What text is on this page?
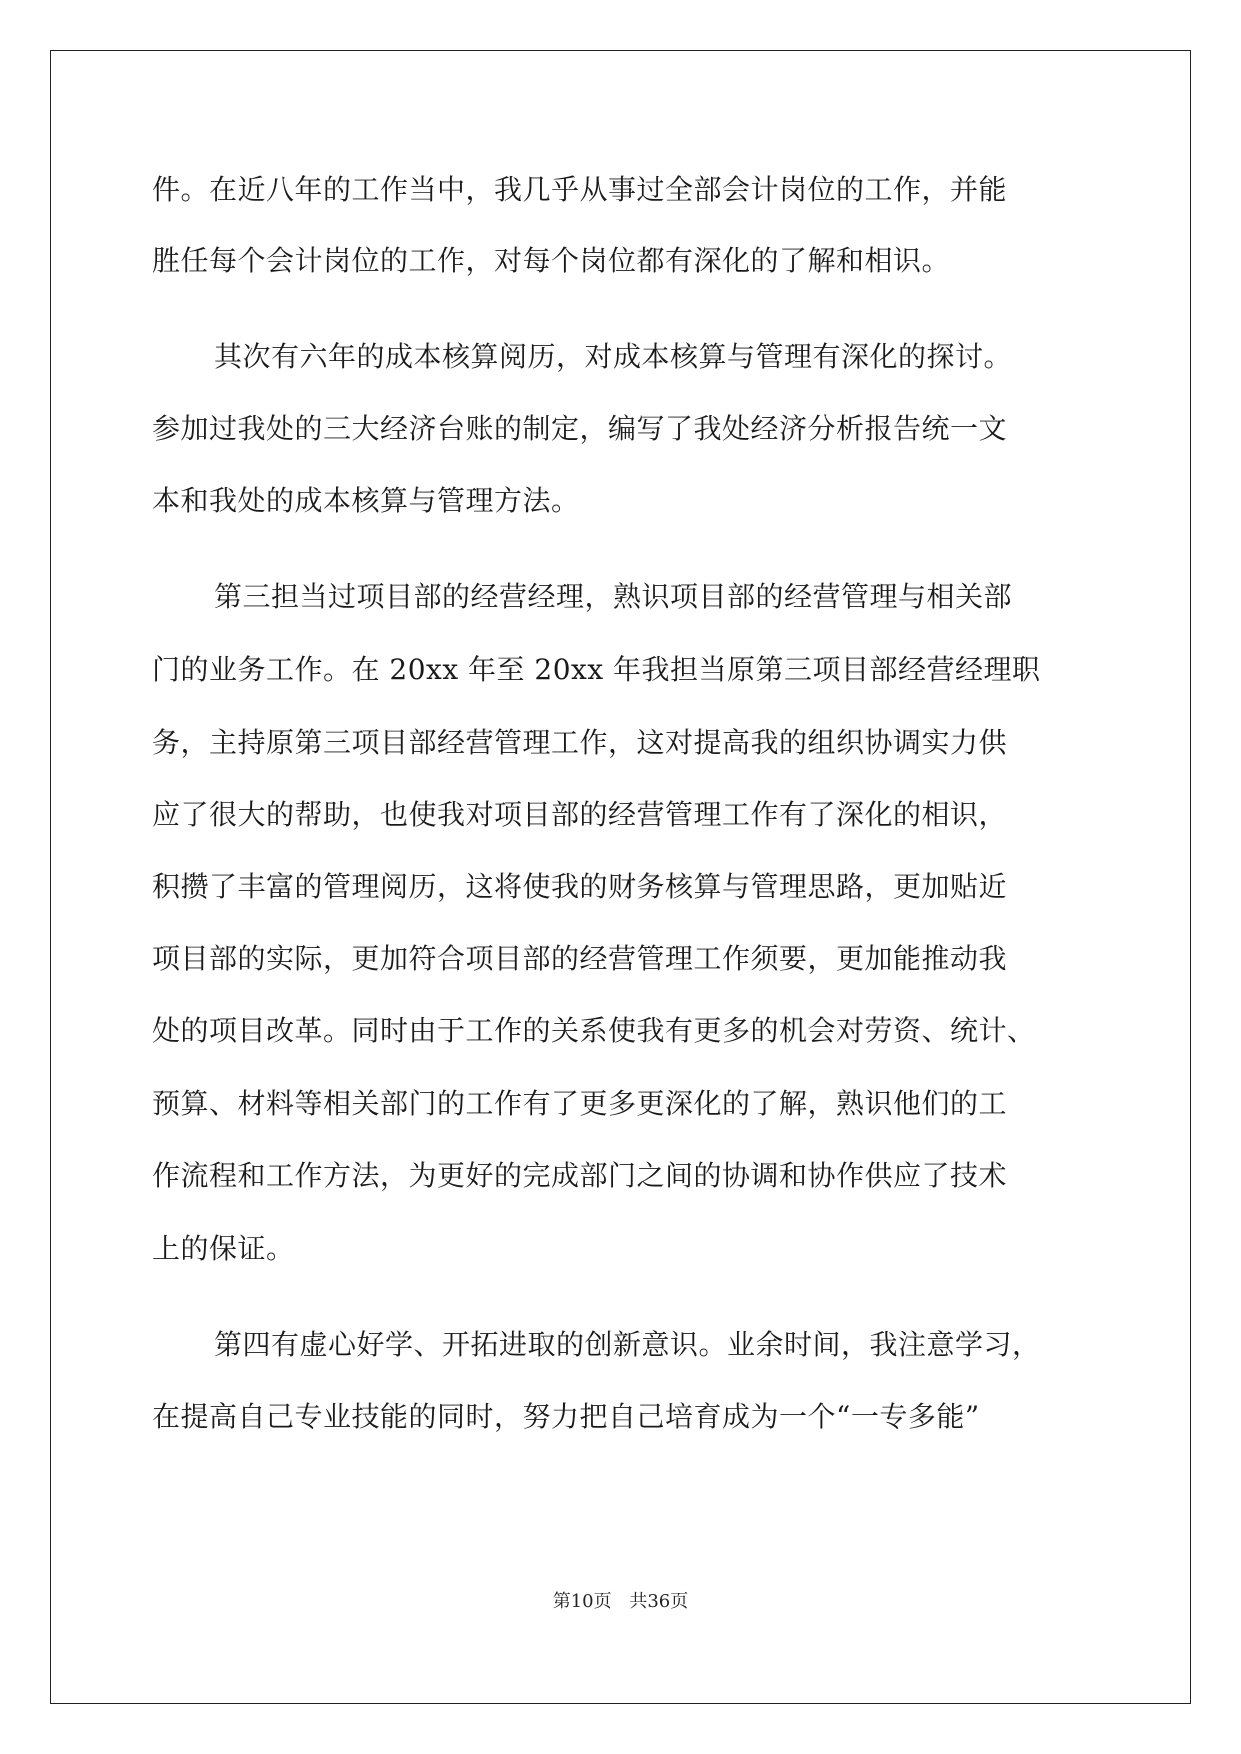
件。在近八年的工作当中，我几乎从事过全部会计岗位的工作，并能
胜任每个会计岗位的工作，对每个岗位都有深化的了解和相识。
其次有六年的成本核算阅历，对成本核算与管理有深化的探讨。
参加过我处的三大经济台账的制定，编写了我处经济分析报告统一文
本和我处的成本核算与管理方法。
第三担当过项目部的经营经理，熟识项目部的经营管理与相关部
门的业务工作。在 20xx 年至 20xx 年我担当原第三项目部经营经理职
务，主持原第三项目部经营管理工作，这对提高我的组织协调实力供
应了很大的帮助，也使我对项目部的经营管理工作有了深化的相识，
积攒了丰富的管理阅历，这将使我的财务核算与管理思路，更加贴近
项目部的实际，更加符合项目部的经营管理工作须要，更加能推动我
处的项目改革。同时由于工作的关系使我有更多的机会对劳资、统计、
预算、材料等相关部门的工作有了更多更深化的了解，熟识他们的工
作流程和工作方法，为更好的完成部门之间的协调和协作供应了技术
上的保证。
第四有虚心好学、开拓进取的创新意识。业余时间，我注意学习，
在提高自己专业技能的同时，努力把自己培育成为一个“一专多能”
第10页 共36页
